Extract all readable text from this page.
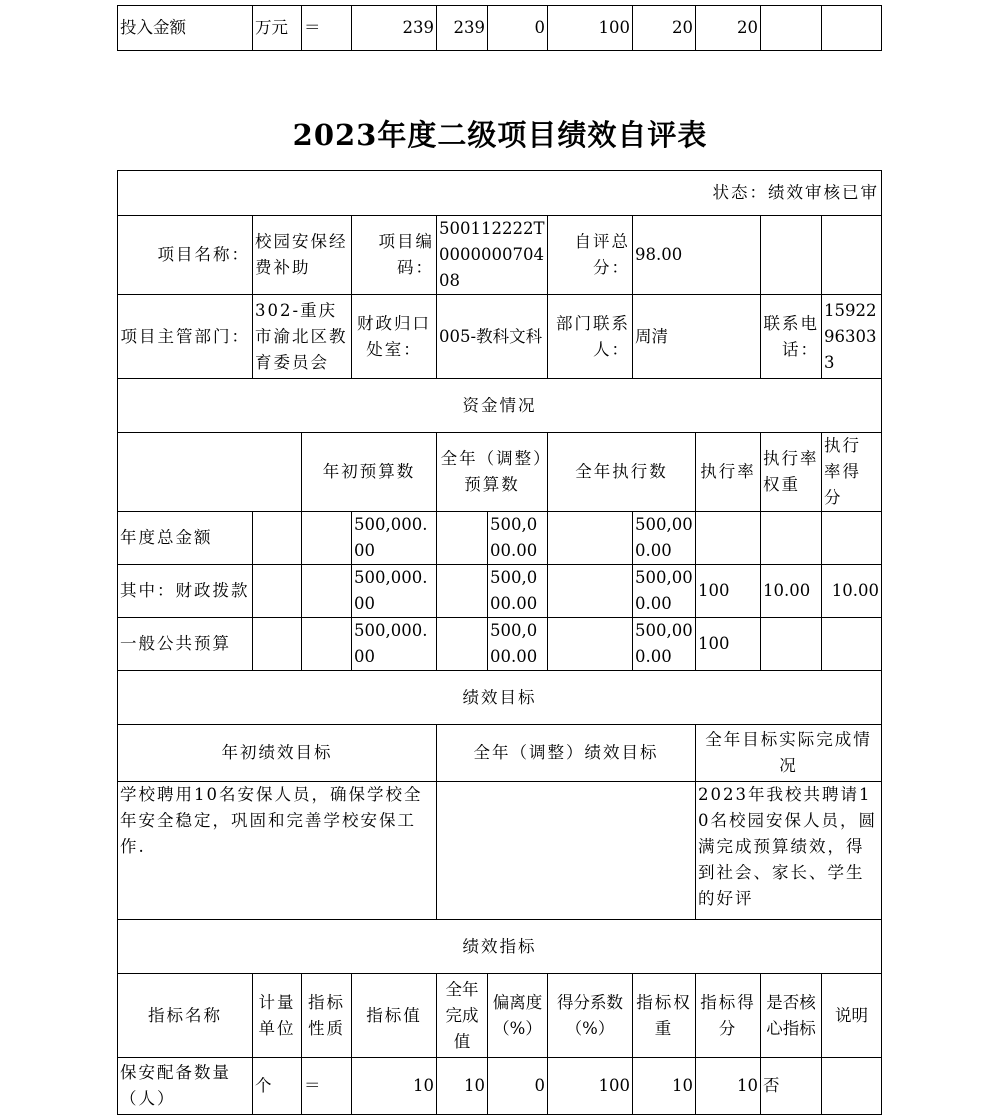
投入金额	万元	＝	239	239	0	100	20	20		
2023年度二级项目绩效自评表
状态：绩效审核已审										
项目名称：	校园安保经费补助		项目编码：	500112222T000000070408		自评总分：	98.00			
项目主管部门：	302-重庆市渝北区教育委员会		财政归口处室：	005-教科文科		部门联系人：	周清		联系电话：	15922963033
资金情况										
		年初预算数		全年（调整）预算数		全年执行数		执行率	执行率权重	执行率得分
年度总金额			500,000.00		500,000.00		500,000.00			
其中：财政拨款			500,000.00		500,000.00		500,000.00	100	10.00	10.00
一般公共预算			500,000.00		500,000.00		500,000.00	100		
绩效目标										
年初绩效目标				全年（调整）绩效目标				全年目标实际完成情况		
学校聘用10名安保人员，确保学校全年安全稳定，巩固和完善学校安保工作.								2023年我校共聘请10名校园安保人员，圆满完成预算绩效，得到社会、家长、学生的好评		
绩效指标										
指标名称	计量单位	指标性质	指标值	全年完成值	偏离度（%）	得分系数（%）	指标权重	指标得分	是否核心指标	说明
保安配备数量（人）	个	＝	10	10	0	100	10	10	否	
